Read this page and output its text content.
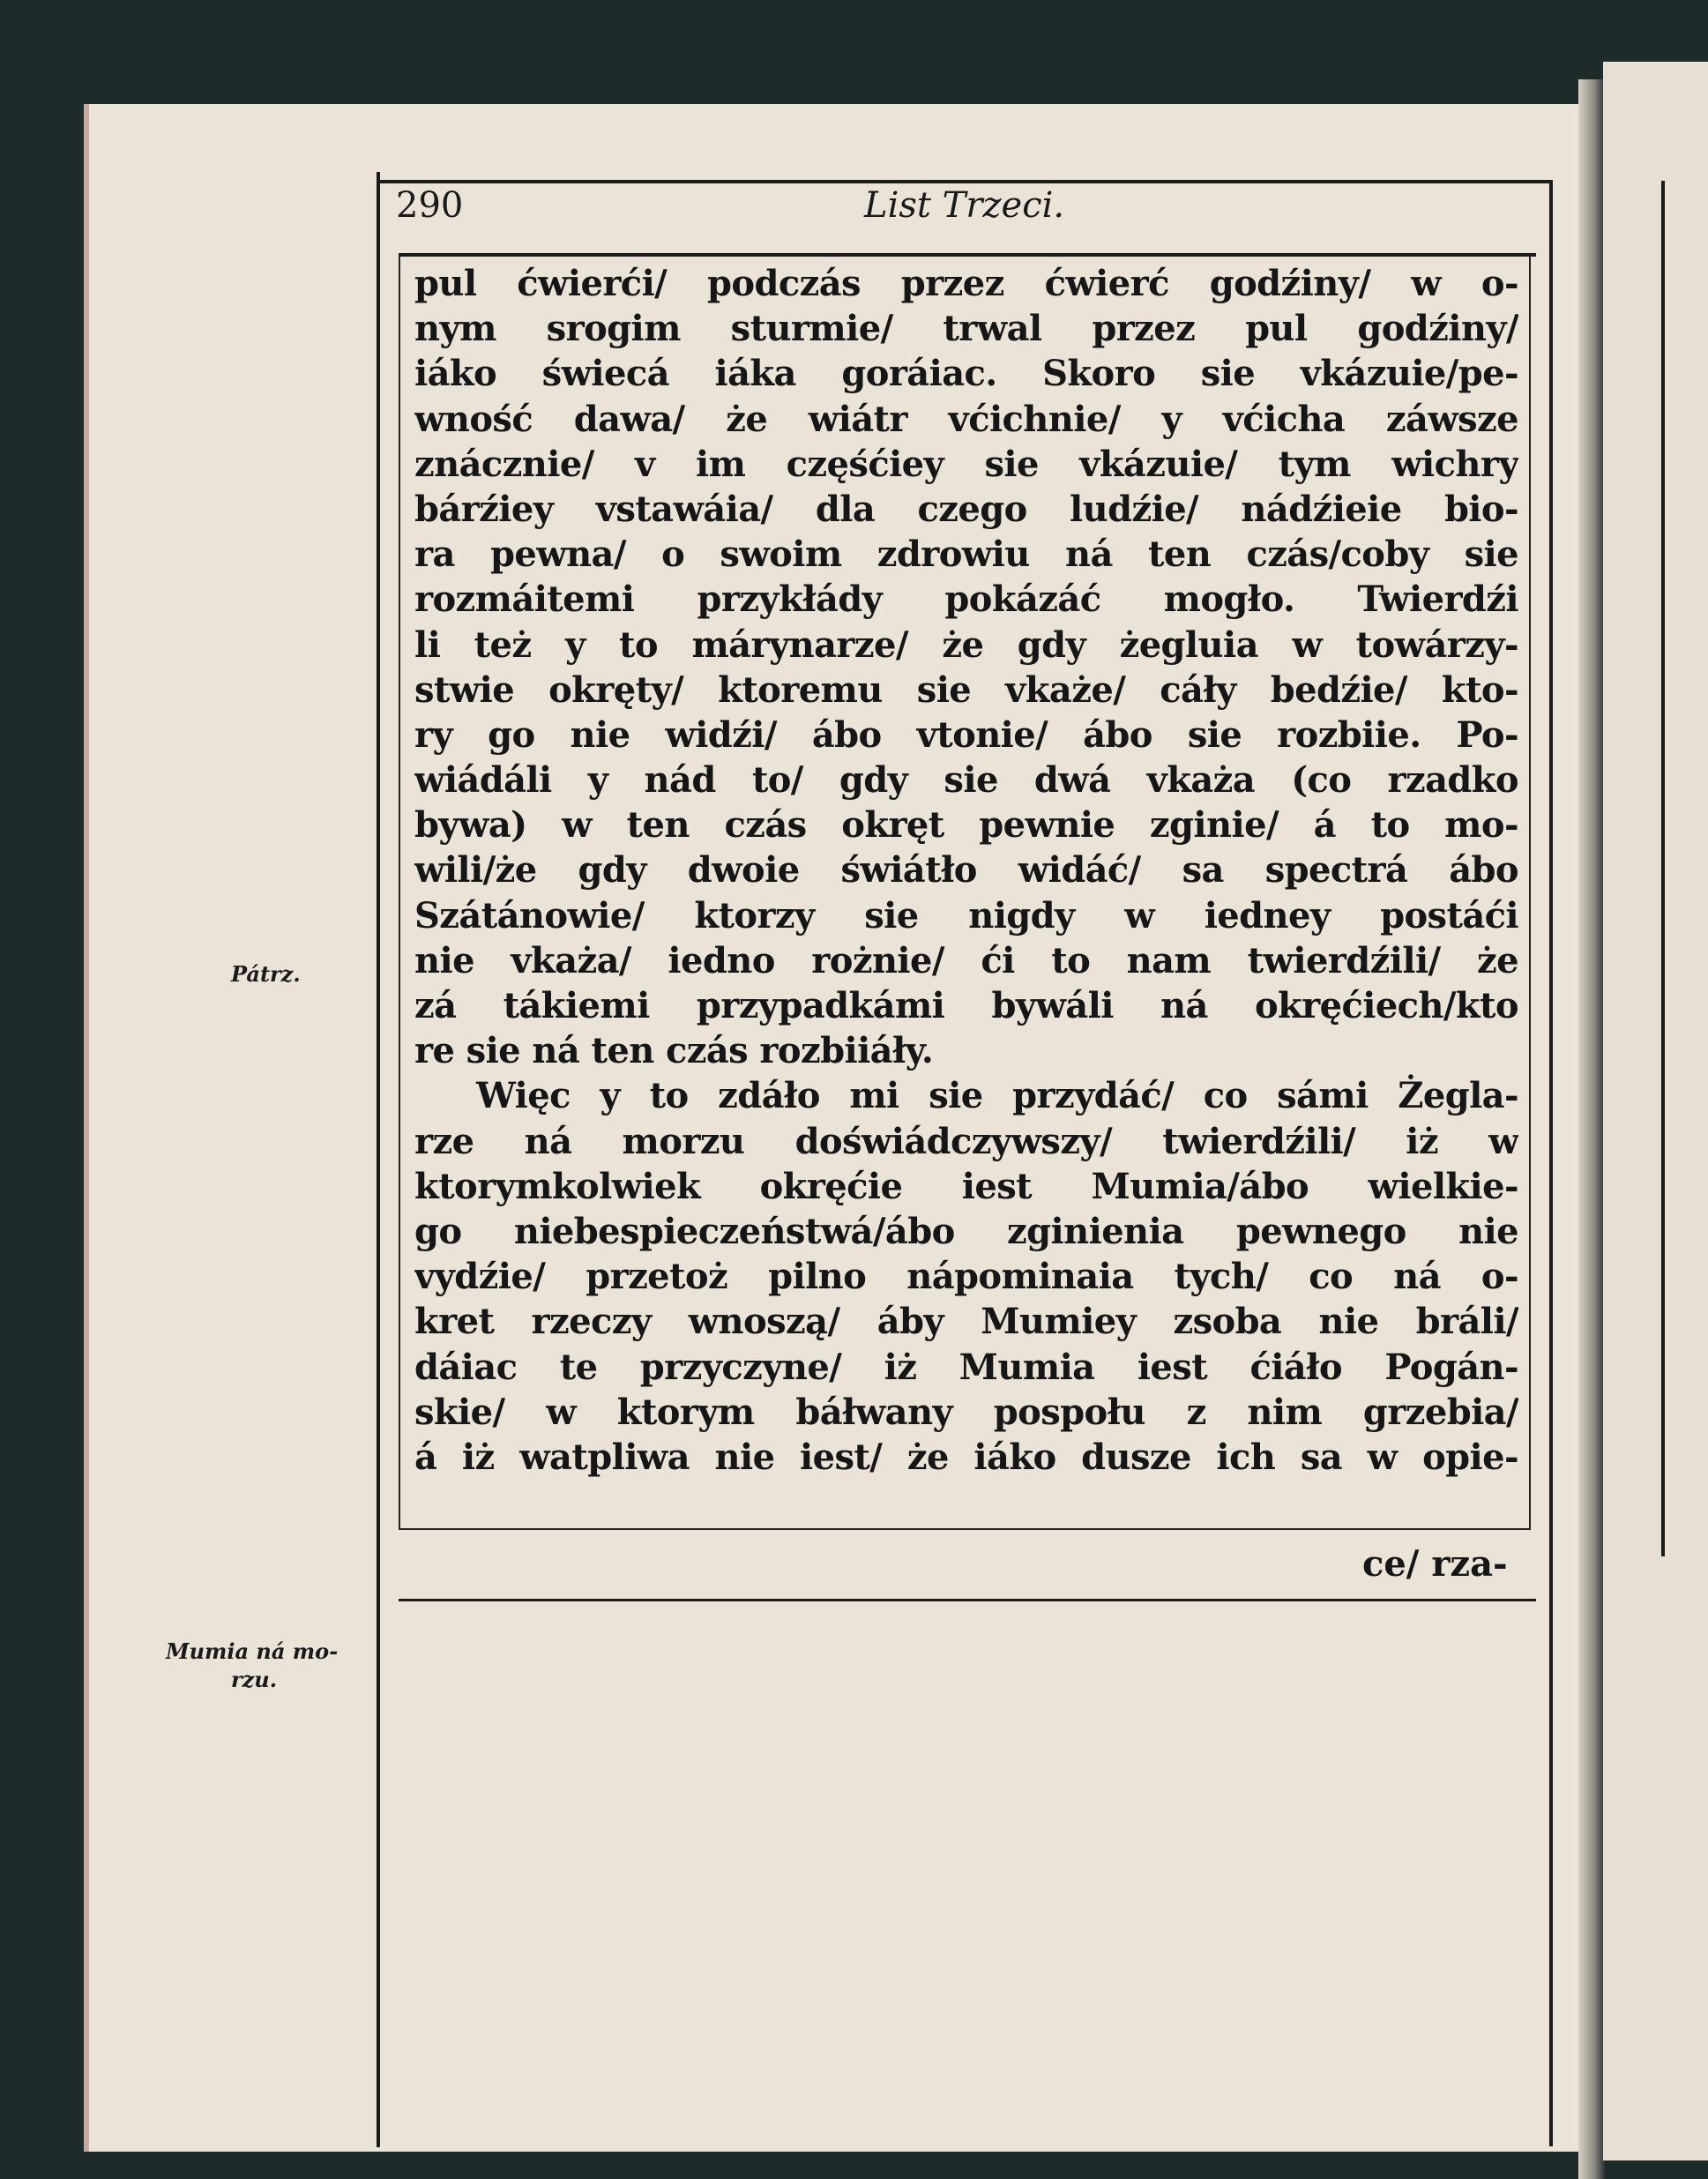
290	List Trzeci.
Pátrz.
Mumia ná mo-
rzu.
pul ćwierći/ podczás przez ćwierć godźiny/ w o-
nym srogim sturmie/ trwal przez pul godźiny/
iáko świecá iáka goráiac. Skoro sie vkázuie/pe-
wność dawa/ że wiátr vćichnie/ y vćicha záwsze
znácznie/ v im częśćiey sie vkázuie/ tym wichry
bárźiey vstawáia/ dla czego ludźie/ nádźieie bio-
ra pewna/ o swoim zdrowiu ná ten czás/coby sie
rozmáitemi przykłády pokázáć mogło. Twierdźi
li też y to márynarze/ że gdy żegluia w towárzy-
stwie okręty/ ktoremu sie vkaże/ cáły bedźie/ kto-
ry go nie widźi/ ábo vtonie/ ábo sie rozbiie. Po-
wiádáli y nád to/ gdy sie dwá vkaża (co rzadko
bywa) w ten czás okręt pewnie zginie/ á to mo-
wili/że gdy dwoie świátło widáć/ sa spectrá ábo
Szátánowie/ ktorzy sie nigdy w iedney postáći
nie vkaża/ iedno rożnie/ ći to nam twierdźili/ że
zá tákiemi przypadkámi bywáli ná okręćiech/kto
re sie ná ten czás rozbiiáły.
Więc y to zdáło mi sie przydáć/ co sámi Żegla-
rze ná morzu doświádczywszy/ twierdźili/ iż w
ktorymkolwiek okręćie iest Mumia/ábo wielkie-
go niebespieczeństwá/ábo zginienia pewnego nie
vydźie/ przetoż pilno nápominaia tych/ co ná o-
kret rzeczy wnoszą/ áby Mumiey zsoba nie bráli/
dáiac te przyczyne/ iż Mumia iest ćiáło Pogán-
skie/ w ktorym báłwany pospołu z nim grzebia/
á iż watpliwa nie iest/ że iáko dusze ich sa w opie-
ce/ rza-
